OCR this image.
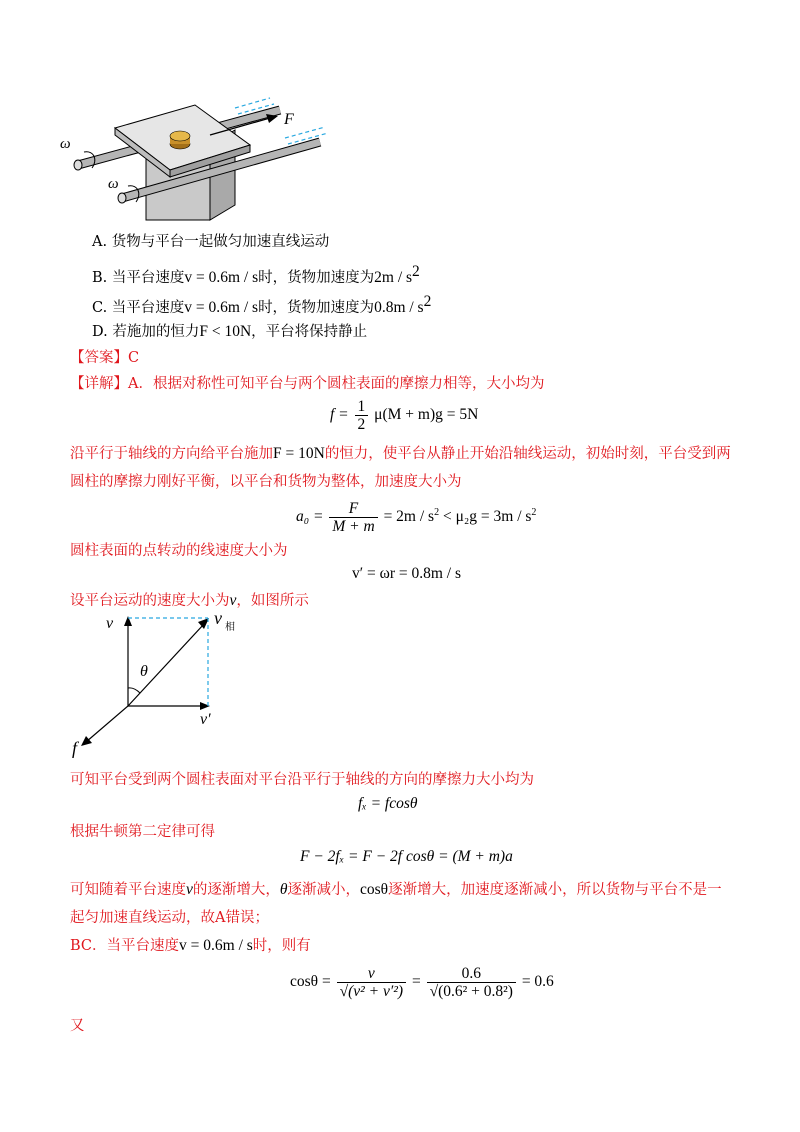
F
ω
ω
A. 货物与平台一起做匀加速直线运动
B. 当平台速度v = 0.6m / s时，货物加速度为$2m / s^2$
C. 当平台速度v = 0.6m / s时，货物加速度为$0.8m / s^2$
D. 若施加的恒力F < 10N，平台将保持静止
【答案】C
【详解】A．根据对称性可知平台与两个圆柱表面的摩擦力相等，大小均为
$f = \frac{1}{2} \mu(M + m)g = 5N$
沿平行于轴线的方向给平台施加F = 10N的恒力，使平台从静止开始沿轴线运动，初始时刻，平台受到两
圆柱的摩擦力刚好平衡，以平台和货物为整体，加速度大小为
$a_0 = \frac{F}{M + m} = 2m / s^2 < \mu_2g = 3m / s^2$
圆柱表面的点转动的线速度大小为
v′ = ωr = 0.8m / s
设平台运动的速度大小为v，如图所示
v	v 相
θ
v′
f
可知平台受到两个圆柱表面对平台沿平行于轴线的方向的摩擦力大小均为
fₓ = fcosθ
根据牛顿第二定律可得
F − 2fₓ = F − 2f cosθ = (M + m)a
可知随着平台速度v的逐渐增大，θ逐渐减小，cosθ逐渐增大，加速度逐渐减小，所以货物与平台不是一
起匀加速直线运动，故A错误；
BC．当平台速度v = 0.6m / s时，则有
$\cos\theta = \frac{v}{\text{√(v² + v′²)}} = \frac{0.6}{\text{√(0.6² + 0.8²)}} = 0.6$
又
